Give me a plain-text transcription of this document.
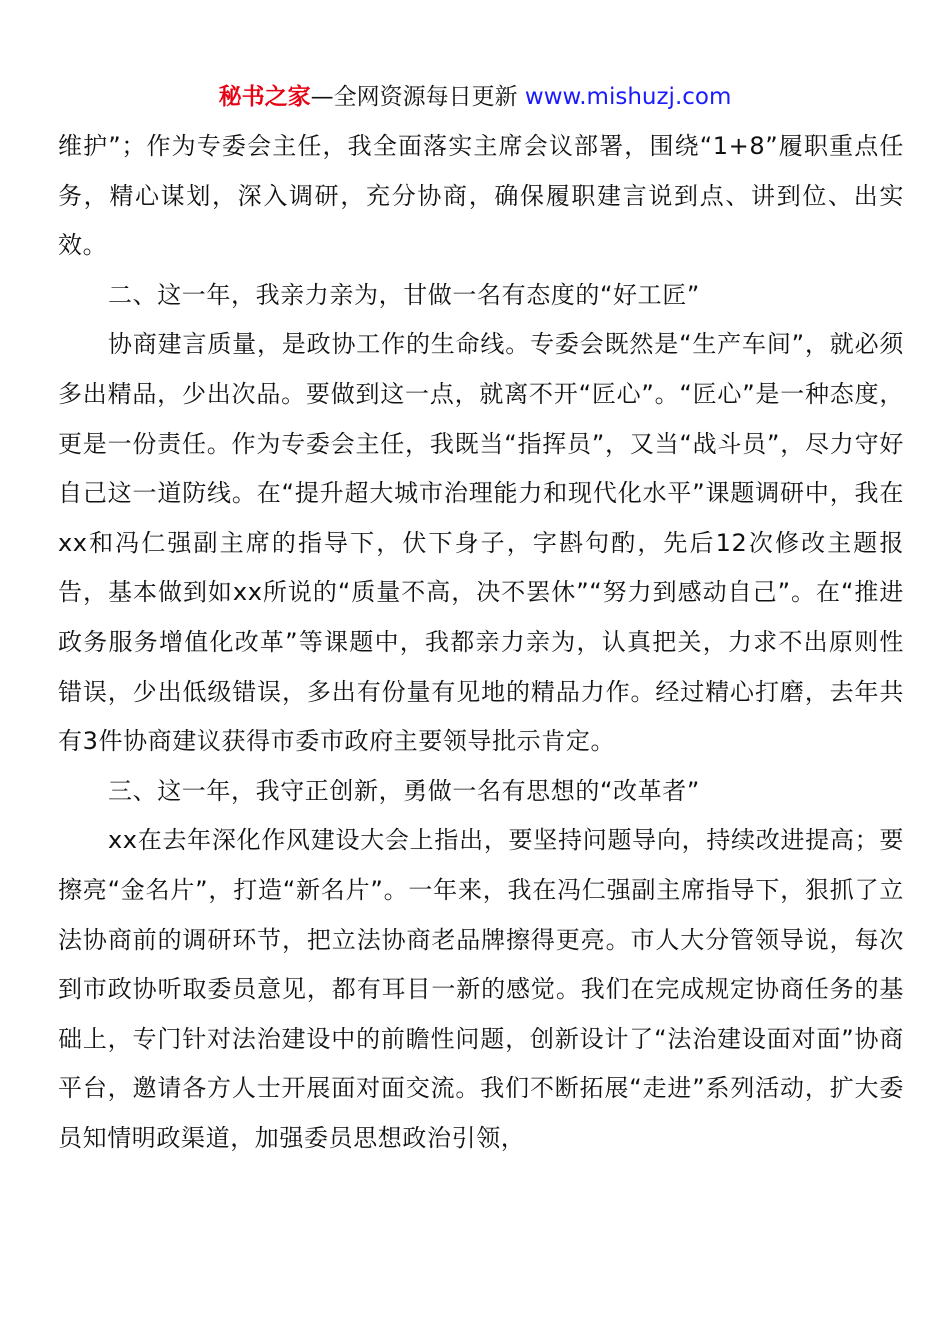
秘书之家—全网资源每日更新 www.mishuzj.com

维护”；作为专委会主任，我全面落实主席会议部署，围绕“1+8”履职重点任务，精心谋划，深入调研，充分协商，确保履职建言说到点、讲到位、出实效。

二、这一年，我亲力亲为，甘做一名有态度的“好工匠”

协商建言质量，是政协工作的生命线。专委会既然是“生产车间”，就必须多出精品，少出次品。要做到这一点，就离不开“匠心”。“匠心”是一种态度，更是一份责任。作为专委会主任，我既当“指挥员”，又当“战斗员”，尽力守好自己这一道防线。在“提升超大城市治理能力和现代化水平”课题调研中，我在xx和冯仁强副主席的指导下，伏下身子，字斟句酌，先后12次修改主题报告，基本做到如xx所说的“质量不高，决不罢休”“努力到感动自己”。在“推进政务服务增值化改革”等课题中，我都亲力亲为，认真把关，力求不出原则性错误，少出低级错误，多出有份量有见地的精品力作。经过精心打磨，去年共有3件协商建议获得市委市政府主要领导批示肯定。

三、这一年，我守正创新，勇做一名有思想的“改革者”

xx在去年深化作风建设大会上指出，要坚持问题导向，持续改进提高；要擦亮“金名片”，打造“新名片”。一年来，我在冯仁强副主席指导下，狠抓了立法协商前的调研环节，把立法协商老品牌擦得更亮。市人大分管领导说，每次到市政协听取委员意见，都有耳目一新的感觉。我们在完成规定协商任务的基础上，专门针对法治建设中的前瞻性问题，创新设计了“法治建设面对面”协商平台，邀请各方人士开展面对面交流。我们不断拓展“走进”系列活动，扩大委员知情明政渠道，加强委员思想政治引领，
